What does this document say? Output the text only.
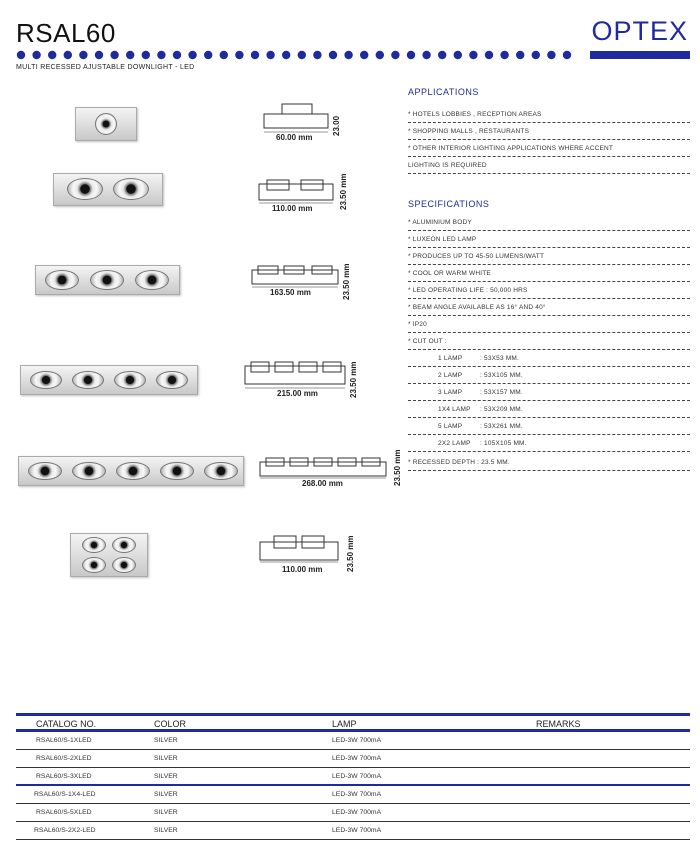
RSAL60	OPTEX
MULTI RECESSED AJUSTABLE DOWNLIGHT - LED
60.00 mm
23.00
110.00 mm	23.50 mm
163.50 mm	23.50 mm
215.00 mm	23.50 mm
268.00 mm	23.50 mm
110.00 mm	23.50 mm
APPLICATIONS
* HOTELS LOBBIES , RECEPTION AREAS
* SHOPPING MALLS , RESTAURANTS
* OTHER INTERIOR LIGHTING APPLICATIONS WHERE ACCENT
LIGHTING IS REQUIRED
SPECIFICATIONS
* ALUMINIUM BODY
* LUXEON LED LAMP
* PRODUCES UP TO 45-50 LUMENS/WATT
* COOL OR WARM WHITE
* LED OPERATING LIFE : 50,000 HRS
* BEAM ANGLE AVAILABLE AS 16° AND 40°
* IP20
* CUT OUT :
1 LAMP	: 53X53 MM.
2 LAMP	: 53X105 MM.
3 LAMP	: 53X157 MM.
1X4 LAMP : 53X209 MM.
5 LAMP	: 53X261 MM.
2X2 LAMP : 105X105 MM.
* RECESSED DEPTH : 23.5 MM.
CATALOG NO.	COLOR	LAMP	REMARKS
RSAL60/S-1XLED	SILVER	LED-3W 700mA
RSAL60/S-2XLED	SILVER	LED-3W 700mA
RSAL60/S-3XLED	SILVER	LED-3W 700mA
RSAL60/S-1X4-LED	SILVER	LED-3W 700mA
RSAL60/S-5XLED	SILVER	LED-3W 700mA
RSAL60/S-2X2-LED	SILVER	LED-3W 700mA
